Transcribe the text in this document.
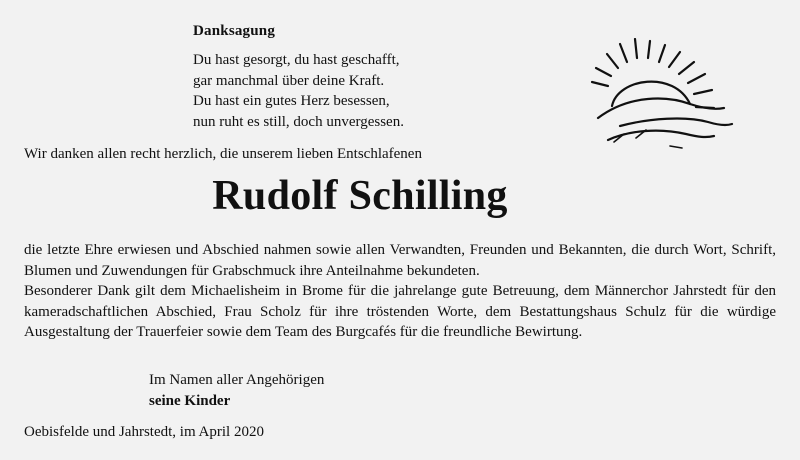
Danksagung
Du hast gesorgt, du hast geschafft,
gar manchmal über deine Kraft.
Du hast ein gutes Herz besessen,
nun ruht es still, doch unvergessen.
Wir danken allen recht herzlich, die unserem lieben Entschlafenen
Rudolf Schilling

die letzte Ehre erwiesen und Abschied nahmen sowie allen Verwandten, Freunden und Bekannten, die durch Wort, Schrift, Blumen und Zuwendungen für Grabschmuck ihre Anteilnahme bekundeten.

Besonderer Dank gilt dem Michaelisheim in Brome für die jahrelange gute Betreuung, dem Männerchor Jahrstedt für den kameradschaftlichen Abschied, Frau Scholz für ihre tröstenden Worte, dem Bestattungshaus Schulz für die würdige Ausgestaltung der Trauerfeier sowie dem Team des Burgcafés für die freundliche Bewirtung.

Im Namen aller Angehörigen
seine Kinder
Oebisfelde und Jahrstedt, im April 2020
